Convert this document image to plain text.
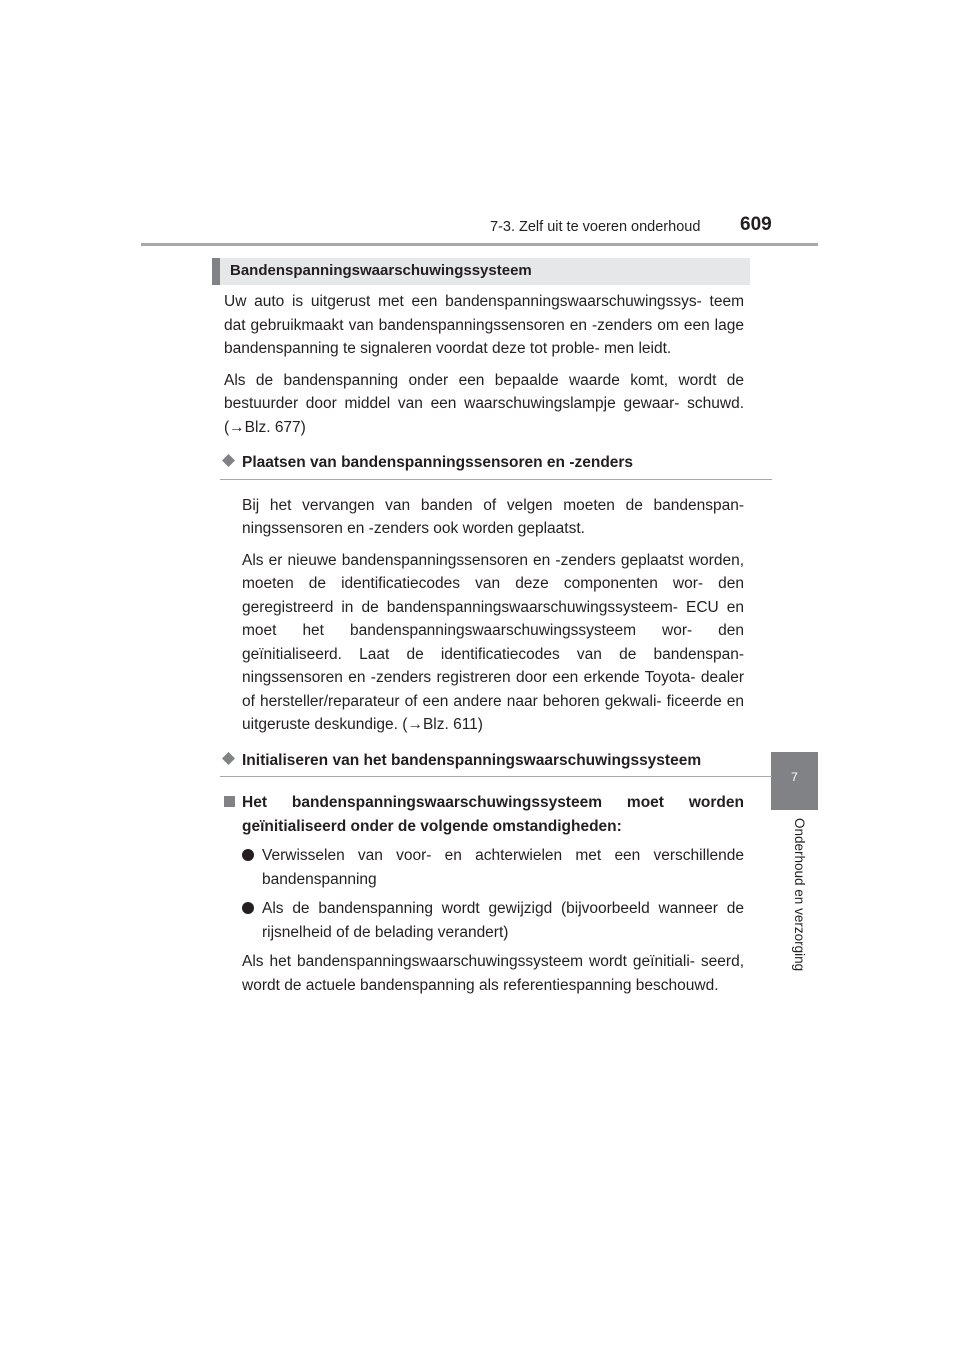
7-3. Zelf uit te voeren onderhoud 609
7
Onderhoud en verzorging
Bandenspanningswaarschuwingssysteem

Uw auto is uitgerust met een bandenspanningswaarschuwingssys- teem dat gebruikmaakt van bandenspanningssensoren en -zenders om een lage bandenspanning te signaleren voordat deze tot proble- men leidt.

Als de bandenspanning onder een bepaalde waarde komt, wordt de bestuurder door middel van een waarschuwingslampje gewaar- schuwd. (→Blz. 677)

Plaatsen van bandenspanningssensoren en -zenders

Bij het vervangen van banden of velgen moeten de bandenspan- ningssensoren en -zenders ook worden geplaatst.

Als er nieuwe bandenspanningssensoren en -zenders geplaatst worden, moeten de identificatiecodes van deze componenten wor- den geregistreerd in de bandenspanningswaarschuwingssysteem- ECU en moet het bandenspanningswaarschuwingssysteem wor- den geïnitialiseerd. Laat de identificatiecodes van de bandenspan- ningssensoren en -zenders registreren door een erkende Toyota- dealer of hersteller/reparateur of een andere naar behoren gekwali- ficeerde en uitgeruste deskundige. (→Blz. 611)

Initialiseren van het bandenspanningswaarschuwingssysteem
Het bandenspanningswaarschuwingssysteem moet worden geïnitialiseerd onder de volgende omstandigheden:
Verwisselen van voor- en achterwielen met een verschillende bandenspanning
Als de bandenspanning wordt gewijzigd (bijvoorbeeld wanneer de rijsnelheid of de belading verandert)

Als het bandenspanningswaarschuwingssysteem wordt geïnitiali- seerd, wordt de actuele bandenspanning als referentiespanning beschouwd.
